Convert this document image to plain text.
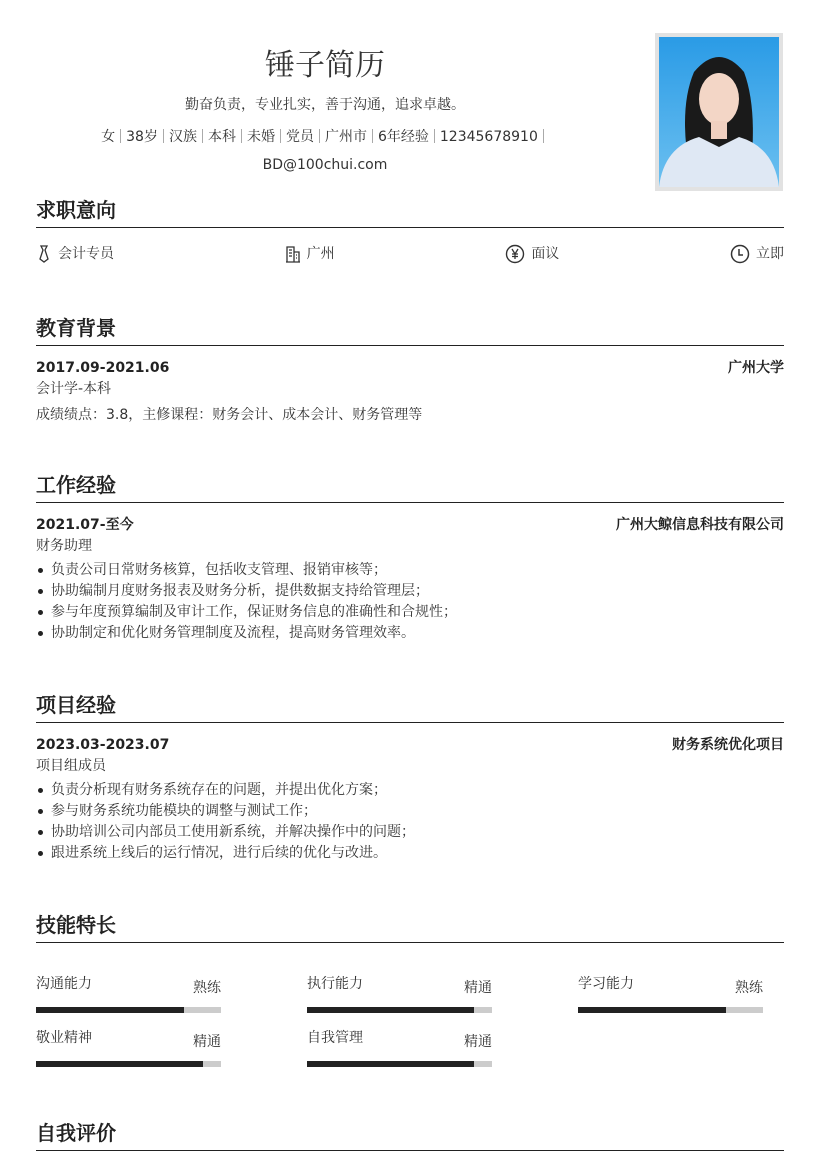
锤子简历
勤奋负责，专业扎实，善于沟通，追求卓越。
女 38岁 汉族 本科 未婚 党员 广州市 6年经验 12345678910
BD@100chui.com
求职意向
会计专员	广州	面议	立即
教育背景
2017.09-2021.06	广州大学
会计学-本科
成绩绩点：3.8，主修课程：财务会计、成本会计、财务管理等
工作经验
2021.07-至今	广州大鲸信息科技有限公司
财务助理
负责公司日常财务核算，包括收支管理、报销审核等；
协助编制月度财务报表及财务分析，提供数据支持给管理层；
参与年度预算编制及审计工作，保证财务信息的准确性和合规性；
协助制定和优化财务管理制度及流程，提高财务管理效率。
项目经验
2023.03-2023.07	财务系统优化项目
项目组成员
负责分析现有财务系统存在的问题，并提出优化方案；
参与财务系统功能模块的调整与测试工作；
协助培训公司内部员工使用新系统，并解决操作中的问题；
跟进系统上线后的运行情况，进行后续的优化与改进。
技能特长
沟通能力	熟练	执行能力	精通	学习能力	熟练
敬业精神	精通	自我管理	精通
自我评价
